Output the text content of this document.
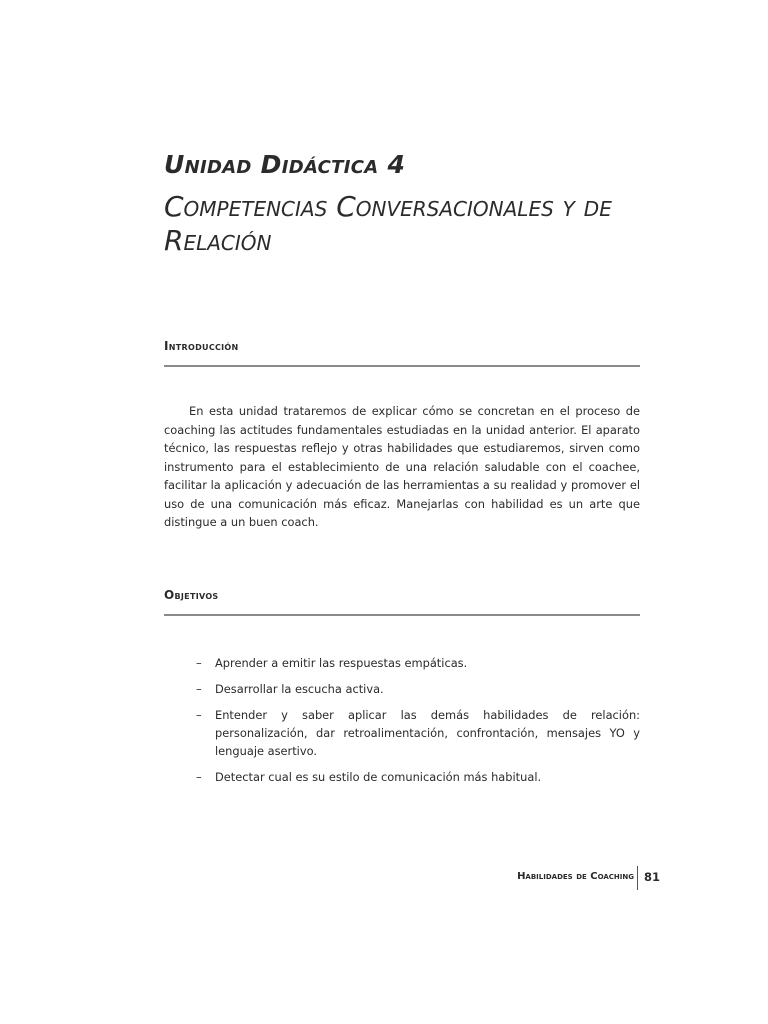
Unidad Didáctica 4
Competencias Conversacionales y de Relación
Introducción

En esta unidad trataremos de explicar cómo se concretan en el proceso de coaching las actitudes fundamentales estudiadas en la unidad anterior. El aparato técnico, las respuestas reflejo y otras habilidades que estudiaremos, sirven como instrumento para el establecimiento de una relación saludable con el coachee, facilitar la aplicación y adecuación de las herramientas a su realidad y promover el uso de una comunicación más eficaz. Manejarlas con habilidad es un arte que distingue a un buen coach.

Objetivos
– Aprender a emitir las respuestas empáticas.
– Desarrollar la escucha activa.
– Entender y saber aplicar las demás habilidades de relación: personalización, dar retroalimentación, confrontación, mensajes YO y lenguaje asertivo.
– Detectar cual es su estilo de comunicación más habitual.
Habilidades de Coaching 81
